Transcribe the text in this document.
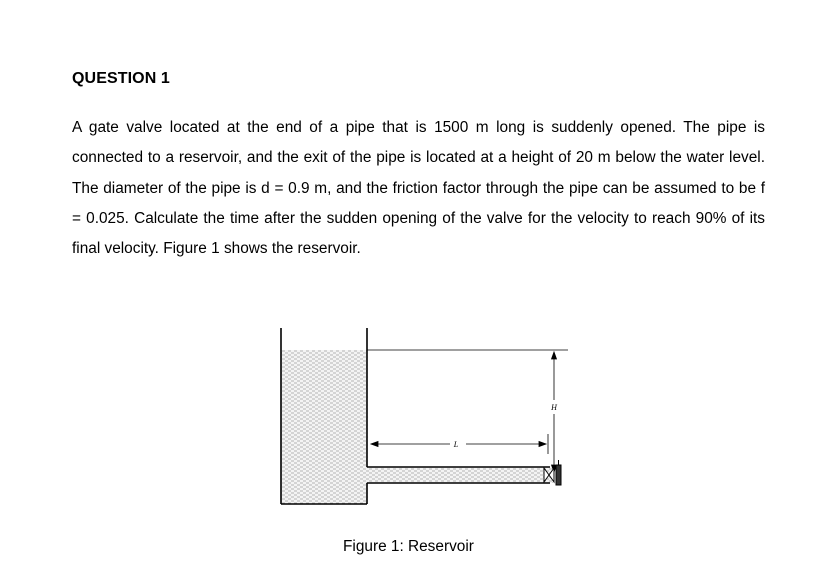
QUESTION 1

A gate valve located at the end of a pipe that is 1500 m long is suddenly opened. The pipe is connected to a reservoir, and the exit of the pipe is located at a height of 20 m below the water level. The diameter of the pipe is d = 0.9 m, and the friction factor through the pipe can be assumed to be f = 0.025. Calculate the time after the sudden opening of the valve for the velocity to reach 90% of its final velocity. Figure 1 shows the reservoir.

L
H
Figure 1: Reservoir
